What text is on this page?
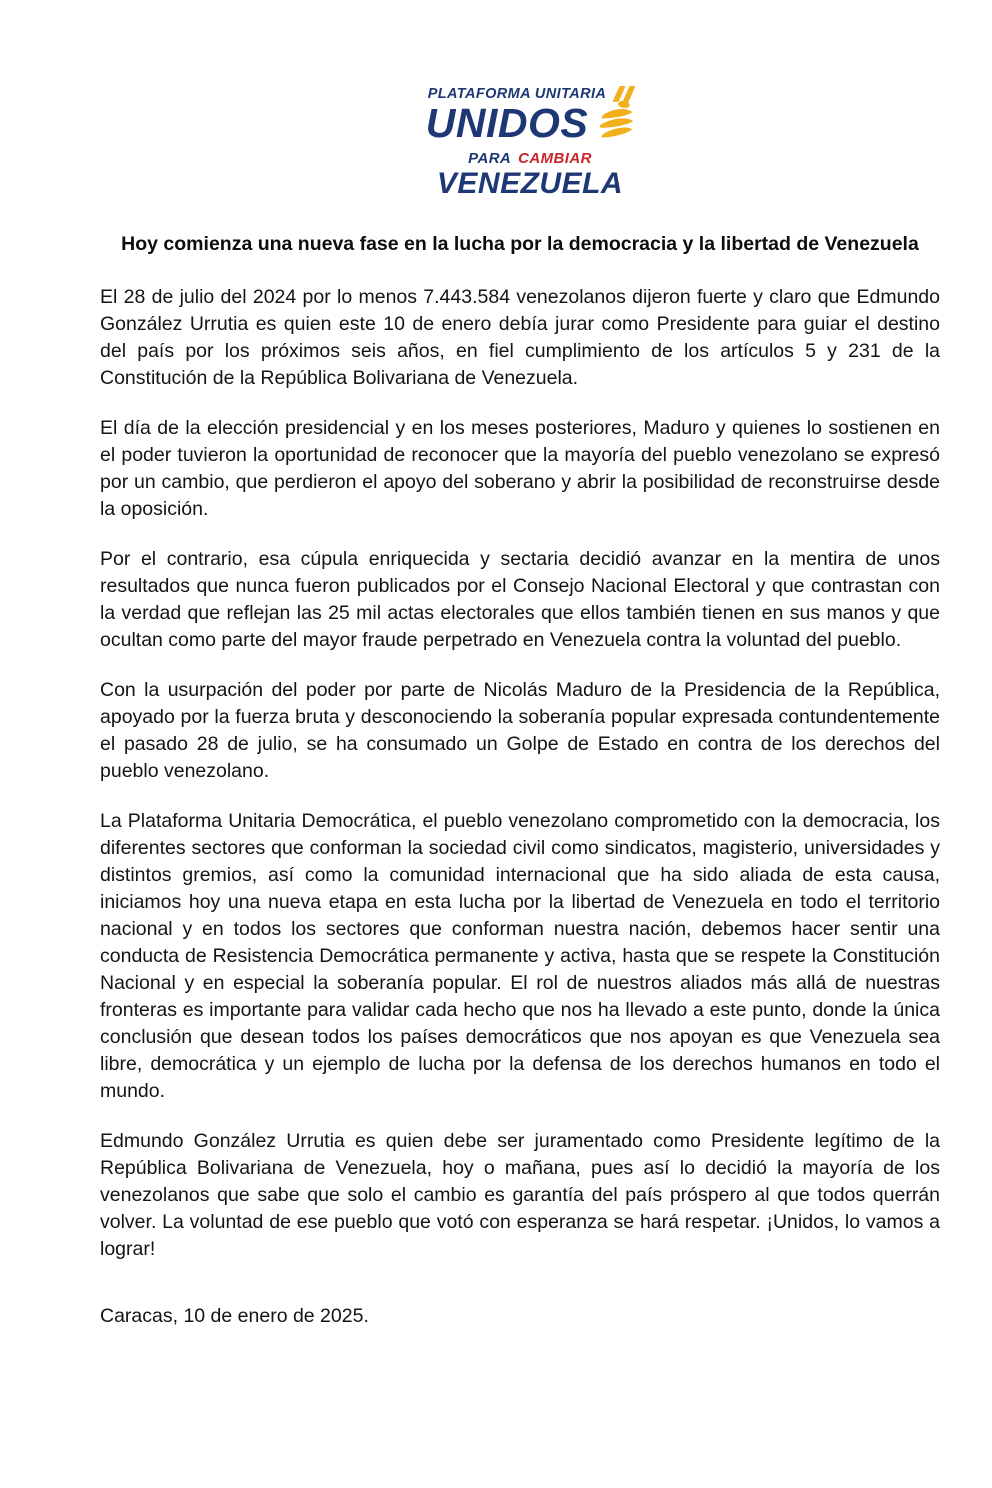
PLATAFORMA UNITARIA
UNIDOS
PARA CAMBIAR
VENEZUELA
Hoy comienza una nueva fase en la lucha por la democracia y la libertad de Venezuela

El 28 de julio del 2024 por lo menos 7.443.584 venezolanos dijeron fuerte y claro que Edmundo González Urrutia es quien este 10 de enero debía jurar como Presidente para guiar el destino del país por los próximos seis años, en fiel cumplimiento de los artículos 5 y 231 de la Constitución de la República Bolivariana de Venezuela.

El día de la elección presidencial y en los meses posteriores, Maduro y quienes lo sostienen en el poder tuvieron la oportunidad de reconocer que la mayoría del pueblo venezolano se expresó por un cambio, que perdieron el apoyo del soberano y abrir la posibilidad de reconstruirse desde la oposición.

Por el contrario, esa cúpula enriquecida y sectaria decidió avanzar en la mentira de unos resultados que nunca fueron publicados por el Consejo Nacional Electoral y que contrastan con la verdad que reflejan las 25 mil actas electorales que ellos también tienen en sus manos y que ocultan como parte del mayor fraude perpetrado en Venezuela contra la voluntad del pueblo.

Con la usurpación del poder por parte de Nicolás Maduro de la Presidencia de la República, apoyado por la fuerza bruta y desconociendo la soberanía popular expresada contundentemente el pasado 28 de julio, se ha consumado un Golpe de Estado en contra de los derechos del pueblo venezolano.

La Plataforma Unitaria Democrática, el pueblo venezolano comprometido con la democracia, los diferentes sectores que conforman la sociedad civil como sindicatos, magisterio, universidades y distintos gremios, así como la comunidad internacional que ha sido aliada de esta causa, iniciamos hoy una nueva etapa en esta lucha por la libertad de Venezuela en todo el territorio nacional y en todos los sectores que conforman nuestra nación, debemos hacer sentir una conducta de Resistencia Democrática permanente y activa, hasta que se respete la Constitución Nacional y en especial la soberanía popular. El rol de nuestros aliados más allá de nuestras fronteras es importante para validar cada hecho que nos ha llevado a este punto, donde la única conclusión que desean todos los países democráticos que nos apoyan es que Venezuela sea libre, democrática y un ejemplo de lucha por la defensa de los derechos humanos en todo el mundo.

Edmundo González Urrutia es quien debe ser juramentado como Presidente legítimo de la República Bolivariana de Venezuela, hoy o mañana, pues así lo decidió la mayoría de los venezolanos que sabe que solo el cambio es garantía del país próspero al que todos querrán volver. La voluntad de ese pueblo que votó con esperanza se hará respetar. ¡Unidos, lo vamos a lograr!

Caracas, 10 de enero de 2025.
